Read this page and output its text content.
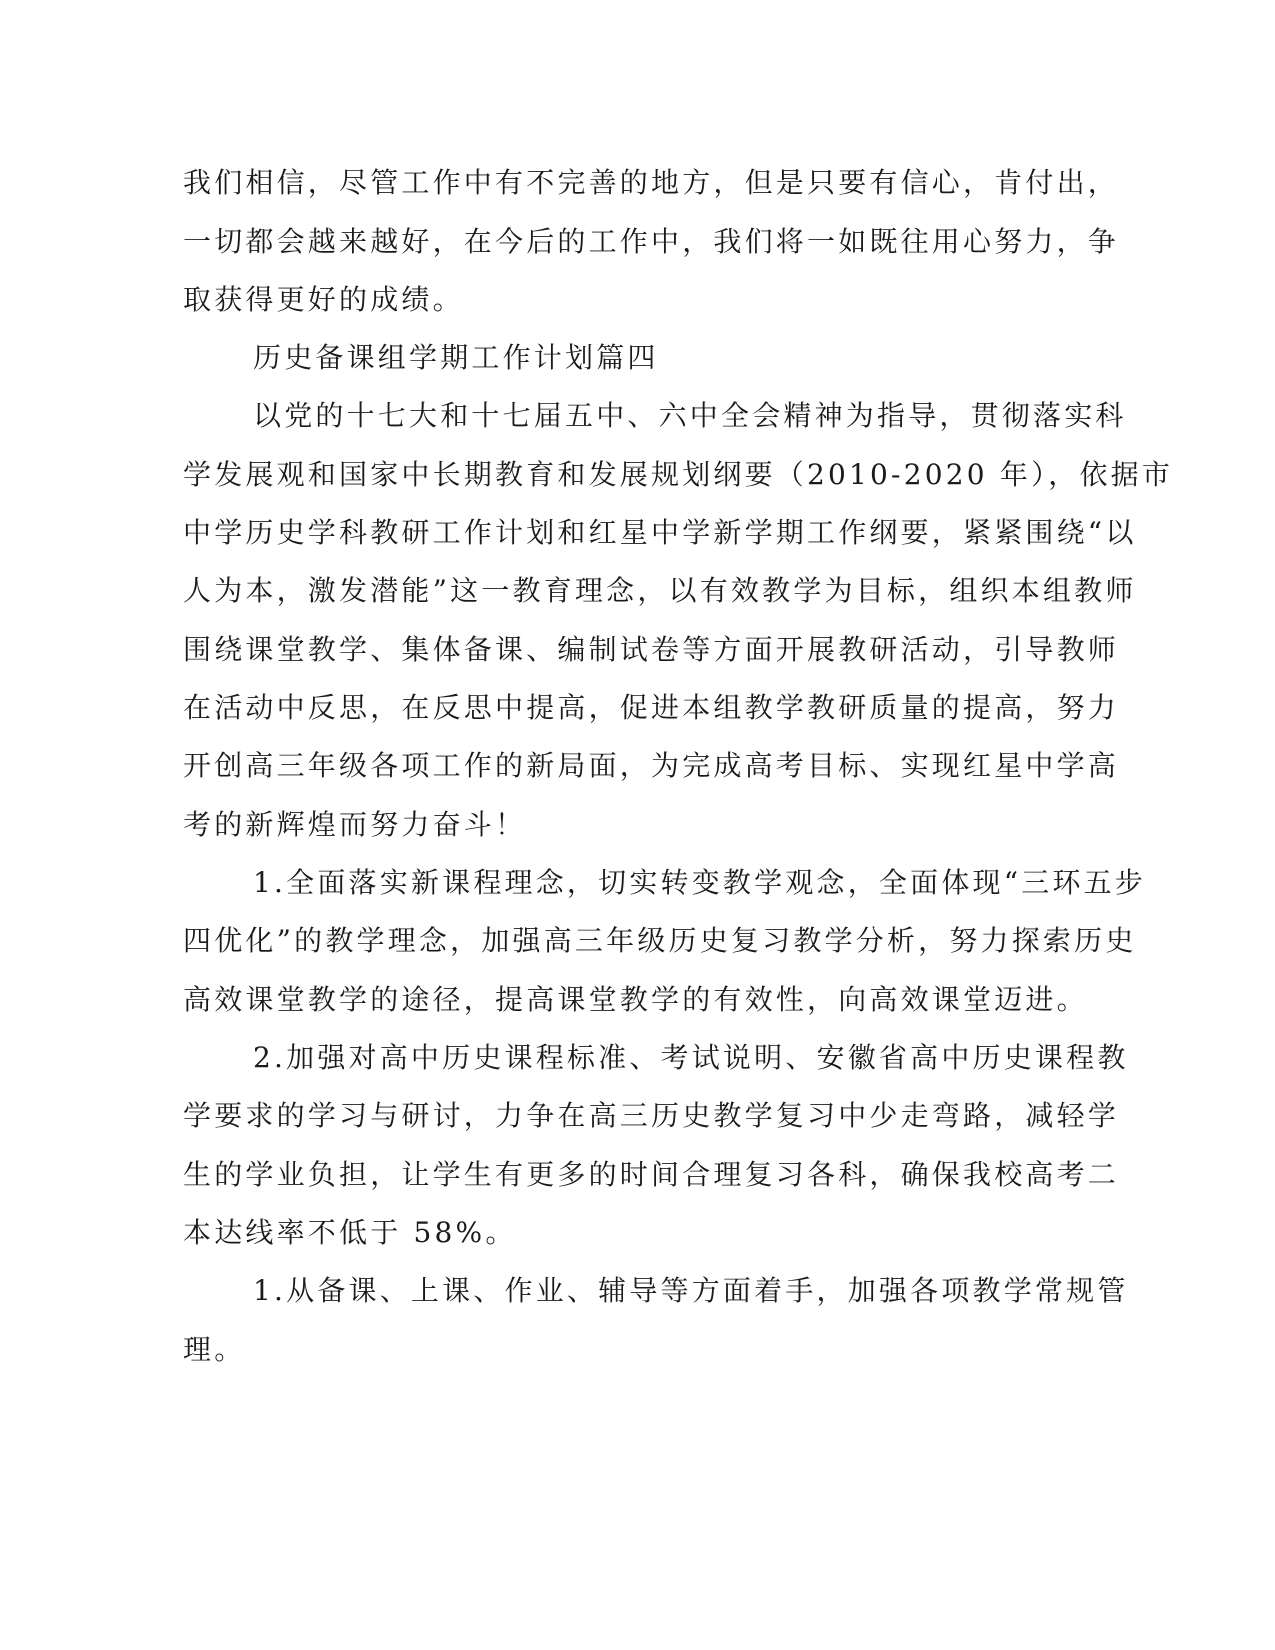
我们相信，尽管工作中有不完善的地方，但是只要有信心，肯付出，
一切都会越来越好，在今后的工作中，我们将一如既往用心努力，争
取获得更好的成绩。
历史备课组学期工作计划篇四
以党的十七大和十七届五中、六中全会精神为指导，贯彻落实科
学发展观和国家中长期教育和发展规划纲要（2010-2020 年），依据市
中学历史学科教研工作计划和红星中学新学期工作纲要，紧紧围绕“以
人为本，激发潜能”这一教育理念，以有效教学为目标，组织本组教师
围绕课堂教学、集体备课、编制试卷等方面开展教研活动，引导教师
在活动中反思，在反思中提高，促进本组教学教研质量的提高，努力
开创高三年级各项工作的新局面，为完成高考目标、实现红星中学高
考的新辉煌而努力奋斗！
1.全面落实新课程理念，切实转变教学观念，全面体现“三环五步
四优化”的教学理念，加强高三年级历史复习教学分析，努力探索历史
高效课堂教学的途径，提高课堂教学的有效性，向高效课堂迈进。
2.加强对高中历史课程标准、考试说明、安徽省高中历史课程教
学要求的学习与研讨，力争在高三历史教学复习中少走弯路，减轻学
生的学业负担，让学生有更多的时间合理复习各科，确保我校高考二
本达线率不低于 58%。
1.从备课、上课、作业、辅导等方面着手，加强各项教学常规管
理。
